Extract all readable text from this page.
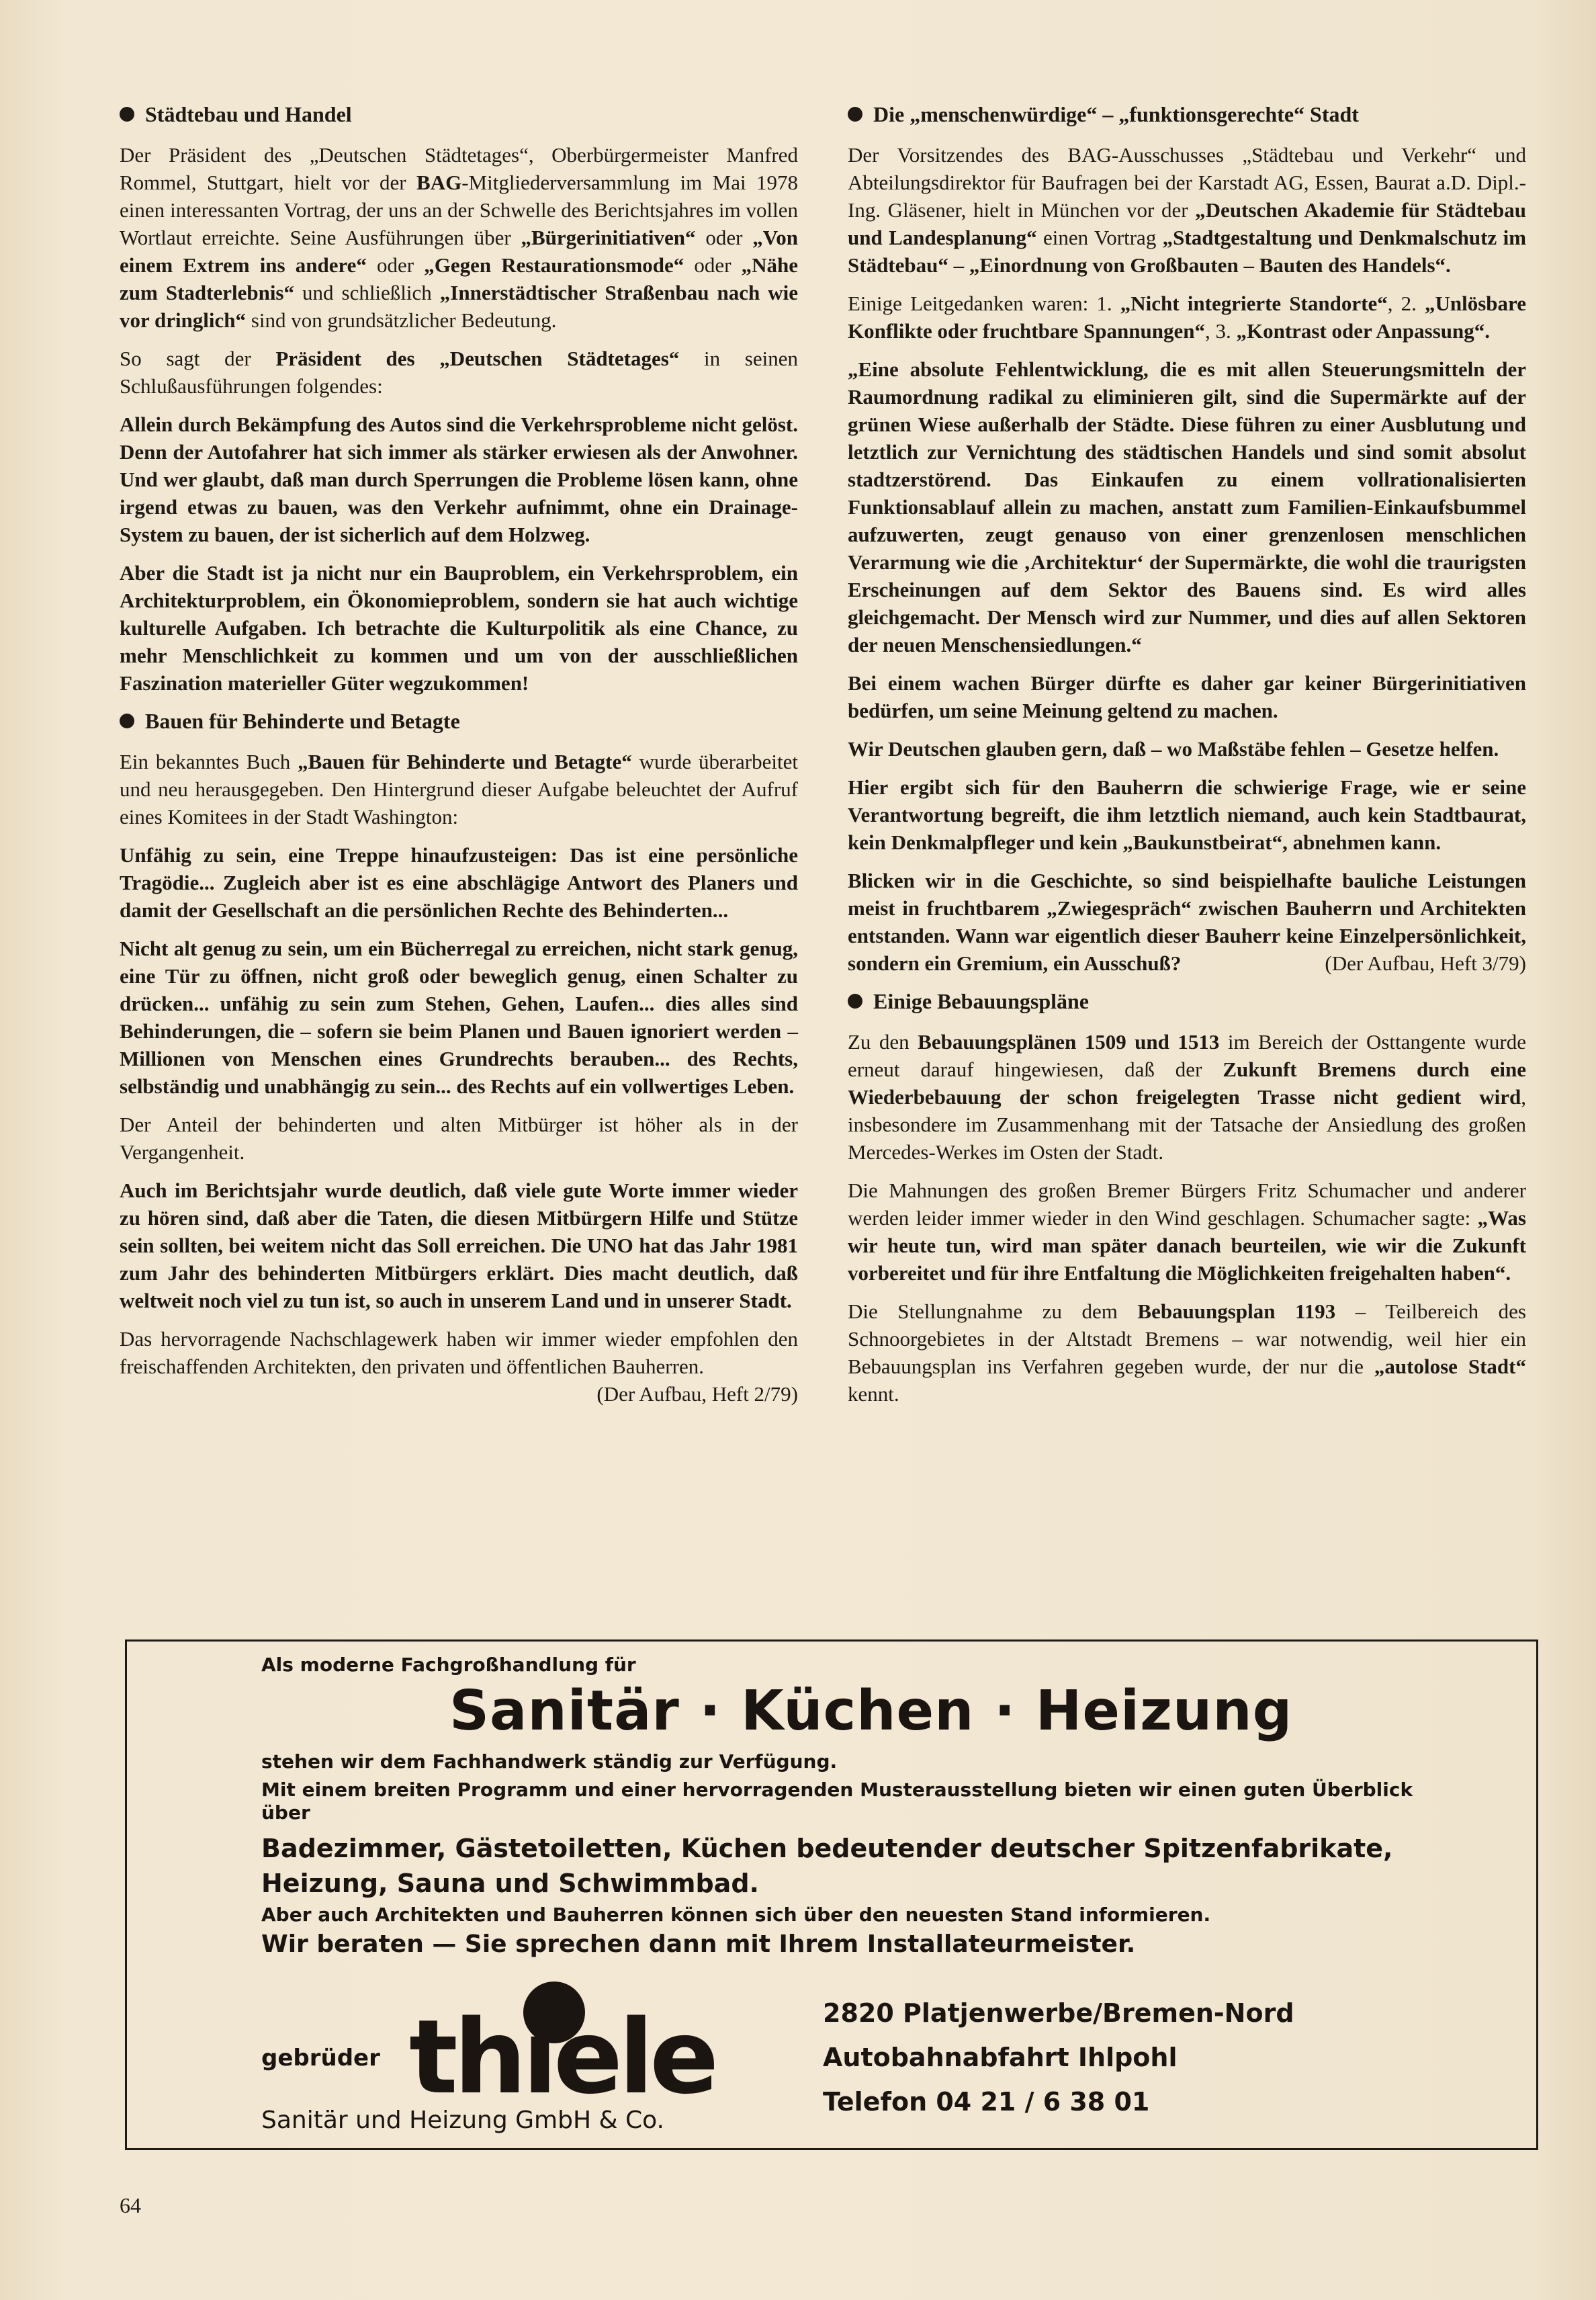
Städtebau und Handel

Der Präsident des „Deutschen Städtetages“, Oberbürgermeister Manfred Rommel, Stuttgart, hielt vor der BAG-Mitgliederversammlung im Mai 1978 einen interessanten Vortrag, der uns an der Schwelle des Berichtsjahres im vollen Wortlaut erreichte. Seine Ausführungen über „Bürgerinitiativen“ oder „Von einem Extrem ins andere“ oder „Gegen Restaurationsmode“ oder „Nähe zum Stadterlebnis“ und schließlich „Innerstädtischer Straßenbau nach wie vor dringlich“ sind von grundsätzlicher Bedeutung.

So sagt der Präsident des „Deutschen Städtetages“ in seinen Schlußausführungen folgendes:

Allein durch Bekämpfung des Autos sind die Verkehrsprobleme nicht gelöst. Denn der Autofahrer hat sich immer als stärker erwiesen als der Anwohner. Und wer glaubt, daß man durch Sperrungen die Probleme lösen kann, ohne irgend etwas zu bauen, was den Verkehr aufnimmt, ohne ein Drainage-System zu bauen, der ist sicherlich auf dem Holzweg.

Aber die Stadt ist ja nicht nur ein Bauproblem, ein Verkehrsproblem, ein Architekturproblem, ein Ökonomieproblem, sondern sie hat auch wichtige kulturelle Aufgaben. Ich betrachte die Kulturpolitik als eine Chance, zu mehr Menschlichkeit zu kommen und um von der ausschließlichen Faszination materieller Güter wegzukommen!

Bauen für Behinderte und Betagte

Ein bekanntes Buch „Bauen für Behinderte und Betagte“ wurde überarbeitet und neu herausgegeben. Den Hintergrund dieser Aufgabe beleuchtet der Aufruf eines Komitees in der Stadt Washington:

Unfähig zu sein, eine Treppe hinaufzusteigen: Das ist eine persönliche Tragödie... Zugleich aber ist es eine abschlägige Antwort des Planers und damit der Gesellschaft an die persönlichen Rechte des Behinderten...

Nicht alt genug zu sein, um ein Bücherregal zu erreichen, nicht stark genug, eine Tür zu öffnen, nicht groß oder beweglich genug, einen Schalter zu drücken... unfähig zu sein zum Stehen, Gehen, Laufen... dies alles sind Behinderungen, die – sofern sie beim Planen und Bauen ignoriert werden – Millionen von Menschen eines Grundrechts berauben... des Rechts, selbständig und unabhängig zu sein... des Rechts auf ein vollwertiges Leben.

Der Anteil der behinderten und alten Mitbürger ist höher als in der Vergangenheit.

Auch im Berichtsjahr wurde deutlich, daß viele gute Worte immer wieder zu hören sind, daß aber die Taten, die diesen Mitbürgern Hilfe und Stütze sein sollten, bei weitem nicht das Soll erreichen. Die UNO hat das Jahr 1981 zum Jahr des behinderten Mitbürgers erklärt. Dies macht deutlich, daß weltweit noch viel zu tun ist, so auch in unserem Land und in unserer Stadt.

Das hervorragende Nachschlagewerk haben wir immer wieder empfohlen den freischaffenden Architekten, den privaten und öffentlichen Bauherren.
(Der Aufbau, Heft 2/79)

Die „menschenwürdige“ – „funktionsgerechte“ Stadt

Der Vorsitzendes des BAG-Ausschusses „Städtebau und Verkehr“ und Abteilungsdirektor für Baufragen bei der Karstadt AG, Essen, Baurat a.D. Dipl.-Ing. Gläsener, hielt in München vor der „Deutschen Akademie für Städtebau und Landesplanung“ einen Vortrag „Stadtgestaltung und Denkmalschutz im Städtebau“ – „Einordnung von Großbauten – Bauten des Handels“.

Einige Leitgedanken waren: 1. „Nicht integrierte Standorte“, 2. „Unlösbare Konflikte oder fruchtbare Spannungen“, 3. „Kontrast oder Anpassung“.

„Eine absolute Fehlentwicklung, die es mit allen Steuerungsmitteln der Raumordnung radikal zu eliminieren gilt, sind die Supermärkte auf der grünen Wiese außerhalb der Städte. Diese führen zu einer Ausblutung und letztlich zur Vernichtung des städtischen Handels und sind somit absolut stadtzerstörend. Das Einkaufen zu einem vollrationalisierten Funktionsablauf allein zu machen, anstatt zum Familien-Einkaufsbummel aufzuwerten, zeugt genauso von einer grenzenlosen menschlichen Verarmung wie die ‚Architektur‘ der Supermärkte, die wohl die traurigsten Erscheinungen auf dem Sektor des Bauens sind. Es wird alles gleichgemacht. Der Mensch wird zur Nummer, und dies auf allen Sektoren der neuen Menschensiedlungen.“

Bei einem wachen Bürger dürfte es daher gar keiner Bürgerinitiativen bedürfen, um seine Meinung geltend zu machen.

Wir Deutschen glauben gern, daß – wo Maßstäbe fehlen – Gesetze helfen.

Hier ergibt sich für den Bauherrn die schwierige Frage, wie er seine Verantwortung begreift, die ihm letztlich niemand, auch kein Stadtbaurat, kein Denkmalpfleger und kein „Baukunstbeirat“, abnehmen kann.

Blicken wir in die Geschichte, so sind beispielhafte bauliche Leistungen meist in fruchtbarem „Zwiegespräch“ zwischen Bauherrn und Architekten entstanden. Wann war eigentlich dieser Bauherr keine Einzelpersönlichkeit, sondern ein Gremium, ein Ausschuß?	(Der Aufbau, Heft 3/79)

Einige Bebauungspläne

Zu den Bebauungsplänen 1509 und 1513 im Bereich der Osttangente wurde erneut darauf hingewiesen, daß der Zukunft Bremens durch eine Wiederbebauung der schon freigelegten Trasse nicht gedient wird, insbesondere im Zusammenhang mit der Tatsache der Ansiedlung des großen Mercedes-Werkes im Osten der Stadt.

Die Mahnungen des großen Bremer Bürgers Fritz Schumacher und anderer werden leider immer wieder in den Wind geschlagen. Schumacher sagte: „Was wir heute tun, wird man später danach beurteilen, wie wir die Zukunft vorbereitet und für ihre Entfaltung die Möglichkeiten freigehalten haben“.

Die Stellungnahme zu dem Bebauungsplan 1193 – Teilbereich des Schnoorgebietes in der Altstadt Bremens – war notwendig, weil hier ein Bebauungsplan ins Verfahren gegeben wurde, der nur die „autolose Stadt“ kennt.

Als moderne Fachgroßhandlung für
Sanitär · Küchen · Heizung
stehen wir dem Fachhandwerk ständig zur Verfügung.
Mit einem breiten Programm und einer hervorragenden Musterausstellung bieten wir einen guten Überblick über
Badezimmer, Gästetoiletten, Küchen bedeutender deutscher Spitzenfabrikate,
Heizung, Sauna und Schwimmbad.
Aber auch Architekten und Bauherren können sich über den neuesten Stand informieren.
Wir beraten — Sie sprechen dann mit Ihrem Installateurmeister.
gebrüder thiele
Sanitär und Heizung GmbH & Co.
2820 Platjenwerbe/Bremen-Nord
Autobahnabfahrt Ihlpohl
Telefon 04 21 / 6 38 01
64
